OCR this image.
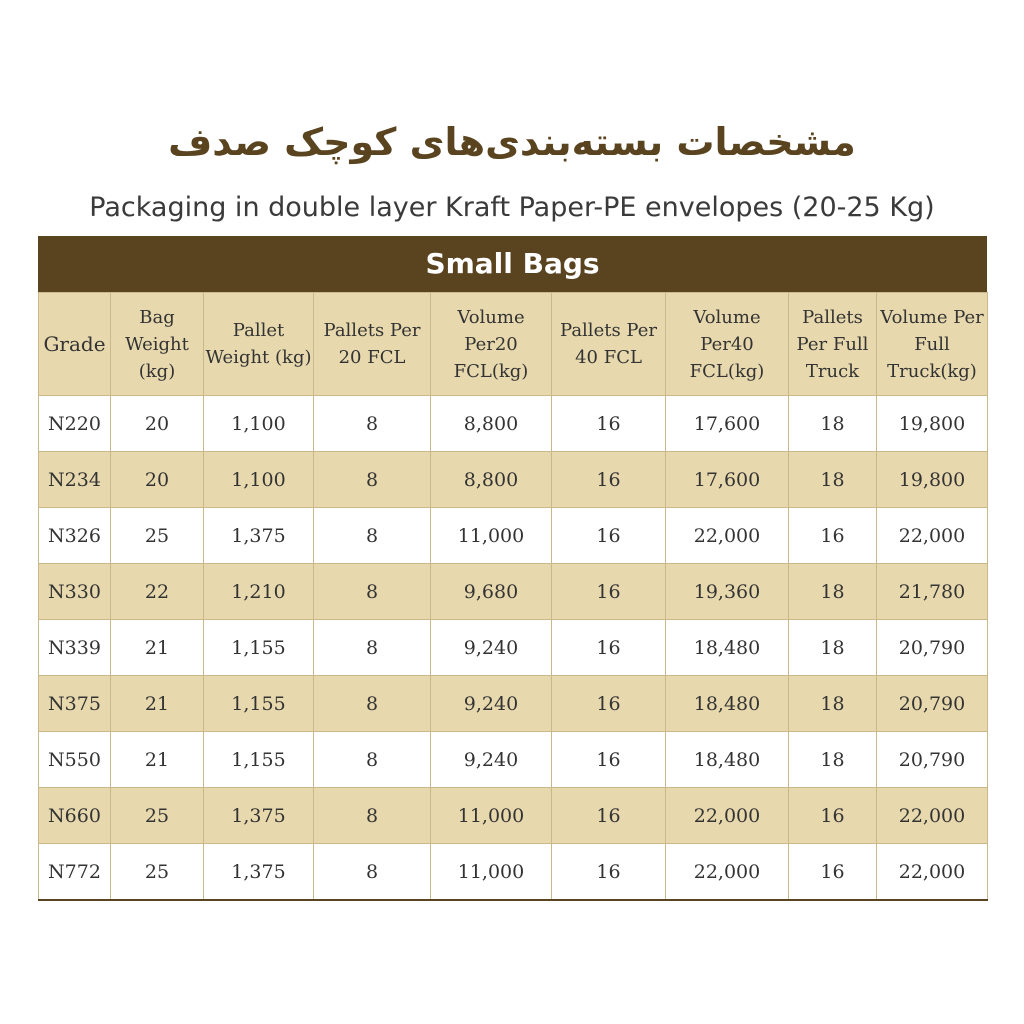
مشخصات بسته‌بندی‌های کوچک صدف
Packaging in double layer Kraft Paper-PE envelopes (20-25 Kg)
Small Bags
Grade	Bag Weight (kg)	Pallet Weight (kg)	Pallets Per 20 FCL	Volume Per20 FCL(kg)	Pallets Per 40 FCL	Volume Per40 FCL(kg)	Pallets Per Full Truck	Volume Per Full Truck(kg)
N220	20	1,100	8	8,800	16	17,600	18	19,800
N234	20	1,100	8	8,800	16	17,600	18	19,800
N326	25	1,375	8	11,000	16	22,000	16	22,000
N330	22	1,210	8	9,680	16	19,360	18	21,780
N339	21	1,155	8	9,240	16	18,480	18	20,790
N375	21	1,155	8	9,240	16	18,480	18	20,790
N550	21	1,155	8	9,240	16	18,480	18	20,790
N660	25	1,375	8	11,000	16	22,000	16	22,000
N772	25	1,375	8	11,000	16	22,000	16	22,000
